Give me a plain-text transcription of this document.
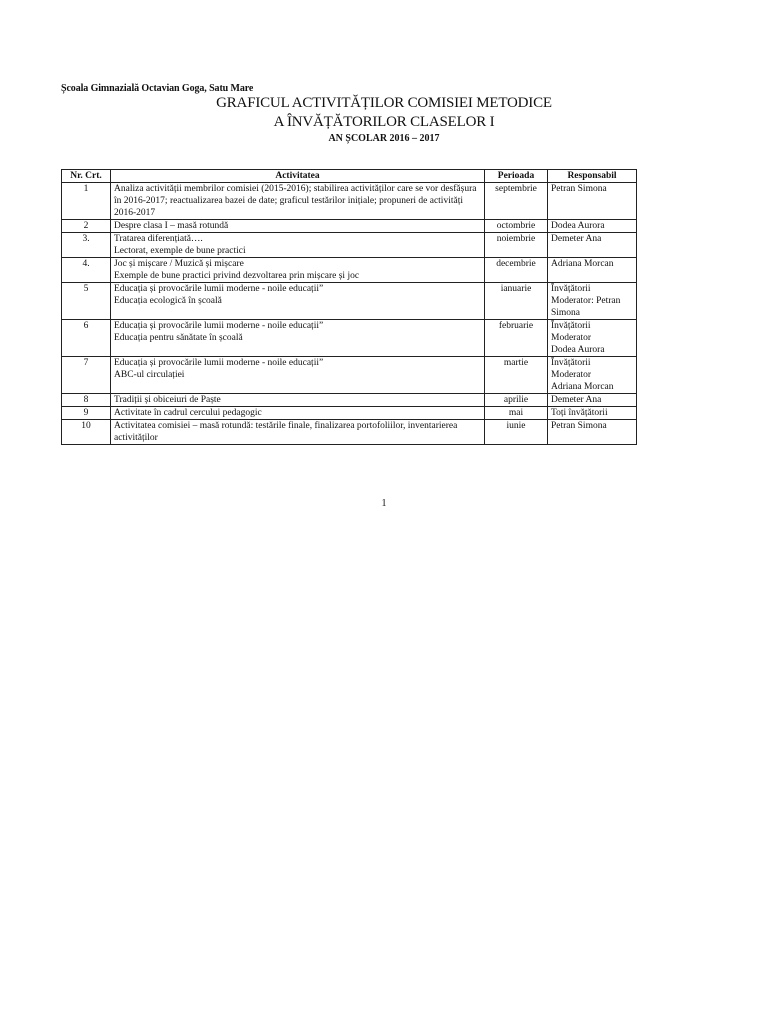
Școala Gimnazială Octavian Goga, Satu Mare
GRAFICUL ACTIVITĂȚILOR COMISIEI METODICE
A ÎNVĂȚĂTORILOR CLASELOR I
AN ȘCOLAR 2016 – 2017
Nr. Crt.	Activitatea	Perioada	Responsabil
1	Analiza activității membrilor comisiei (2015-2016); stabilirea activităților care se vor desfășura în 2016-2017; reactualizarea bazei de date; graficul testărilor inițiale; propuneri de activități 2016-2017	septembrie	Petran Simona

2	Despre clasa I – masă rotundă	octombrie	Dodea Aurora

3.	Tratarea diferențiată….
Lectorat, exemple de bune practici	noiembrie	Demeter Ana

4.	Joc și mișcare / Muzică și mișcare
Exemple de bune practici privind dezvoltarea prin mișcare și joc	decembrie	Adriana Morcan

5	Educația și provocările lumii moderne - noile educații”
Educația ecologică în școală	ianuarie	Învățătorii
Moderator: Petran Simona

6	Educația și provocările lumii moderne - noile educații”
Educația pentru sănătate în școală	februarie	Învățătorii
Moderator
Dodea Aurora

7	Educația și provocările lumii moderne - noile educații”
ABC-ul circulației	martie	Învățătorii
Moderator
Adriana Morcan

8	Tradiții și obiceiuri de Paște	aprilie	Demeter Ana

9	Activitate în cadrul cercului pedagogic	mai	Toți învățătorii

10	Activitatea comisiei – masă rotundă: testările finale, finalizarea portofoliilor, inventarierea activităților	iunie	Petran Simona
1
